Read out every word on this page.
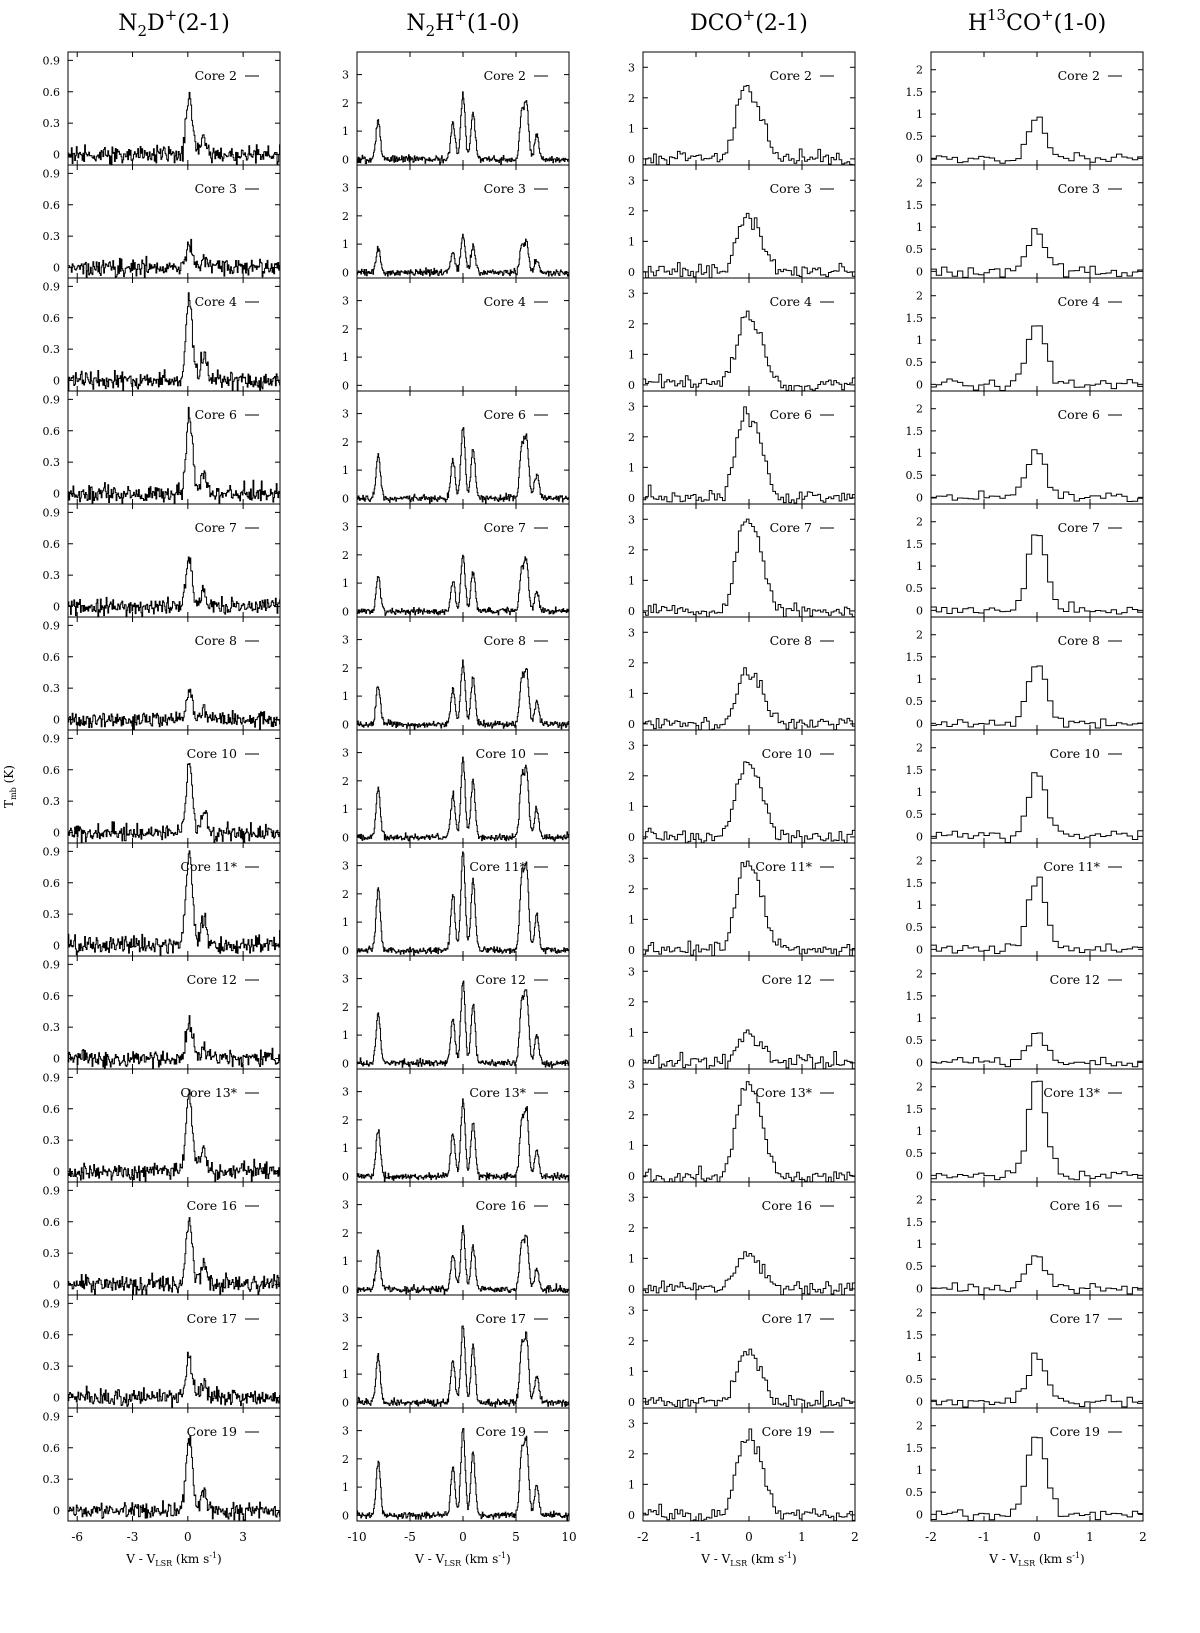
$T_{mb}$ (K)
$N_2D^+(2-1)$
-6	-3	0	3
V - $V_{LSR}$ (km $s^{-1}$)
0
0.3
0.6
0.9
Core 2
0
0.3
0.6
0.9
Core 3
0
0.3
0.6
0.9
Core 4
0
0.3
0.6
0.9
Core 6
0
0.3
0.6
0.9
Core 7
0
0.3
0.6
0.9
Core 8
0
0.3
0.6
0.9
Core 10
0
0.3
0.6
0.9
Core 11*
0
0.3
0.6
0.9
Core 12
0
0.3
0.6
0.9
Core 13*
0
0.3
0.6
0.9
Core 16
0
0.3
0.6
0.9
Core 17
0
0.3
0.6
0.9
Core 19
$N_2H^+(1-0)$
-10	-5	0	5	10
V - $V_{LSR}$ (km $s^{-1}$)
0
1
2
3	Core 2
0
1
2
3	Core 3
0
1
2
3	Core 4
0
1
2
3	Core 6
0
1
2
3	Core 7
0
1
2
3	Core 8
0
1
2
3	Core 10
0
1
2
3	Core 11*
0
1
2
3	Core 12
0
1
2
3	Core 13*
0
1
2
3	Core 16
0
1
2
3	Core 17
0
1
2
3	Core 19
DCO+(2-1)
-2	-1	0	1	2
V - $V_{LSR}$ (km $s^{-1}$)
0
1
2
3
Core 2
0
1
2
3
Core 3
0
1
2
3
Core 4
0
1
2
3
Core 6
0
1
2
3
Core 7
0
1
2
3
Core 8
0
1
2
3
Core 10
0
1
2
3
Core 11*
0
1
2
3
Core 12
0
1
2
3
Core 13*
0
1
2
3
Core 16
0
1
2
3
Core 17
0
1
2
3
Core 19
$H^{13}CO^+(1-0)$
-2	-1	0	1	2
V - $V_{LSR}$ (km $s^{-1}$)
0
0.5
1
1.5
2	Core 2
0
0.5
1
1.5
2	Core 3
0
0.5
1
1.5
2	Core 4
0
0.5
1
1.5
2	Core 6
0
0.5
1
1.5
2	Core 7
0
0.5
1
1.5
2	Core 8
0
0.5
1
1.5
2	Core 10
0
0.5
1
1.5
2	Core 11*
0
0.5
1
1.5
2	Core 12
0
0.5
1
1.5
2	Core 13*
0
0.5
1
1.5
2	Core 16
0
0.5
1
1.5
2	Core 17
0
0.5
1
1.5
2	Core 19
